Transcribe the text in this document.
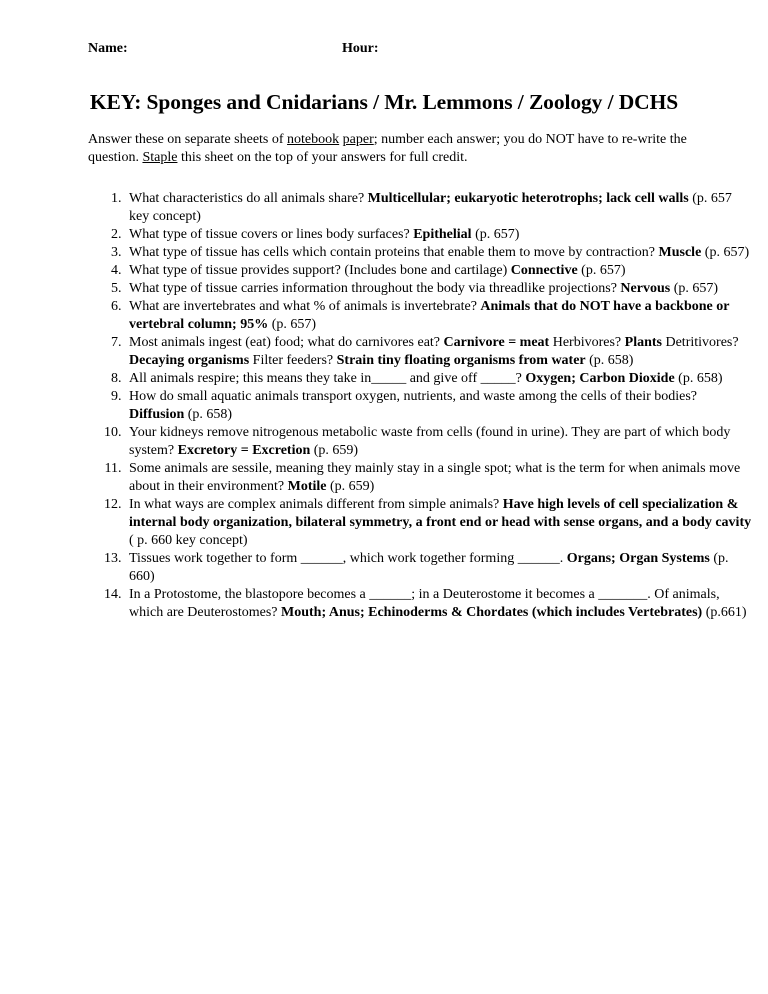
Name:	Hour:
KEY: Sponges and Cnidarians / Mr. Lemmons / Zoology / DCHS
Answer these on separate sheets of notebook paper; number each answer; you do NOT have to re-write the question. Staple this sheet on the top of your answers for full credit.
1. What characteristics do all animals share? Multicellular; eukaryotic heterotrophs; lack cell walls (p. 657 key concept)
2. What type of tissue covers or lines body surfaces? Epithelial (p. 657)
3. What type of tissue has cells which contain proteins that enable them to move by contraction? Muscle (p. 657)
4. What type of tissue provides support? (Includes bone and cartilage) Connective (p. 657)
5. What type of tissue carries information throughout the body via threadlike projections? Nervous (p. 657)
6. What are invertebrates and what % of animals is invertebrate? Animals that do NOT have a backbone or vertebral column; 95% (p. 657)
7. Most animals ingest (eat) food; what do carnivores eat? Carnivore = meat Herbivores? Plants Detritivores? Decaying organisms Filter feeders? Strain tiny floating organisms from water (p. 658)
8. All animals respire; this means they take in_____ and give off _____? Oxygen; Carbon Dioxide (p. 658)
9. How do small aquatic animals transport oxygen, nutrients, and waste among the cells of their bodies? Diffusion (p. 658)
10. Your kidneys remove nitrogenous metabolic waste from cells (found in urine). They are part of which body system? Excretory = Excretion (p. 659)
11. Some animals are sessile, meaning they mainly stay in a single spot; what is the term for when animals move about in their environment? Motile (p. 659)
12. In what ways are complex animals different from simple animals? Have high levels of cell specialization & internal body organization, bilateral symmetry, a front end or head with sense organs, and a body cavity ( p. 660 key concept)
13. Tissues work together to form ______, which work together forming ______. Organs; Organ Systems (p. 660)
14. In a Protostome, the blastopore becomes a ______; in a Deuterostome it becomes a _______. Of animals, which are Deuterostomes? Mouth; Anus; Echinoderms & Chordates (which includes Vertebrates) (p.661)
